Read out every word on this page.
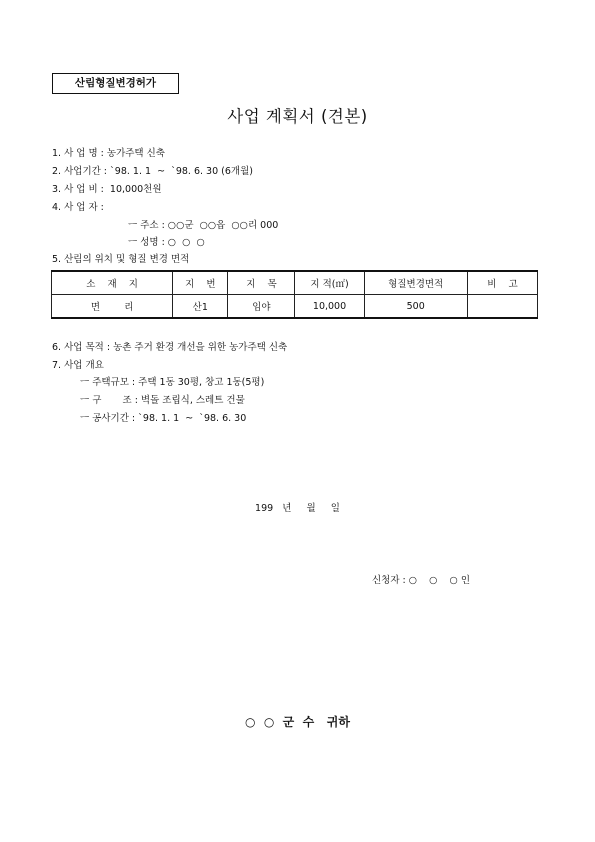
산림형질변경허가
사업 계획서 (견본)
1. 사 업 명 : 농가주택 신축
2. 사업기간 : `98. 1. 1  ~  `98. 6. 30 (6개월)
3. 사 업 비 : 10,000천원
4. 사 업 자 :
ㅡ 주소 : ○○군  ○○읍  ○○리 000
ㅡ 성명 : ○  ○  ○
5. 산림의 위치 및 형질 변경 면적
소    재    지	지    번	지    목	지 적(㎡)	형질변경면적	비    고
면        리	산1	임야	10,000	500	
6. 사업 목적 : 농촌 주거 환경 개선을 위한 농가주택 신축
7. 사업 개요
ㅡ 주택규모 : 주택 1동 30평, 창고 1동(5평)
ㅡ 구       조 : 벽돌 조립식, 스레트 건물
ㅡ 공사기간 : `98. 1. 1  ~  `98. 6. 30
199   년     월     일
신청자 : ○    ○    ○ 인
○  ○  군  수   귀하
